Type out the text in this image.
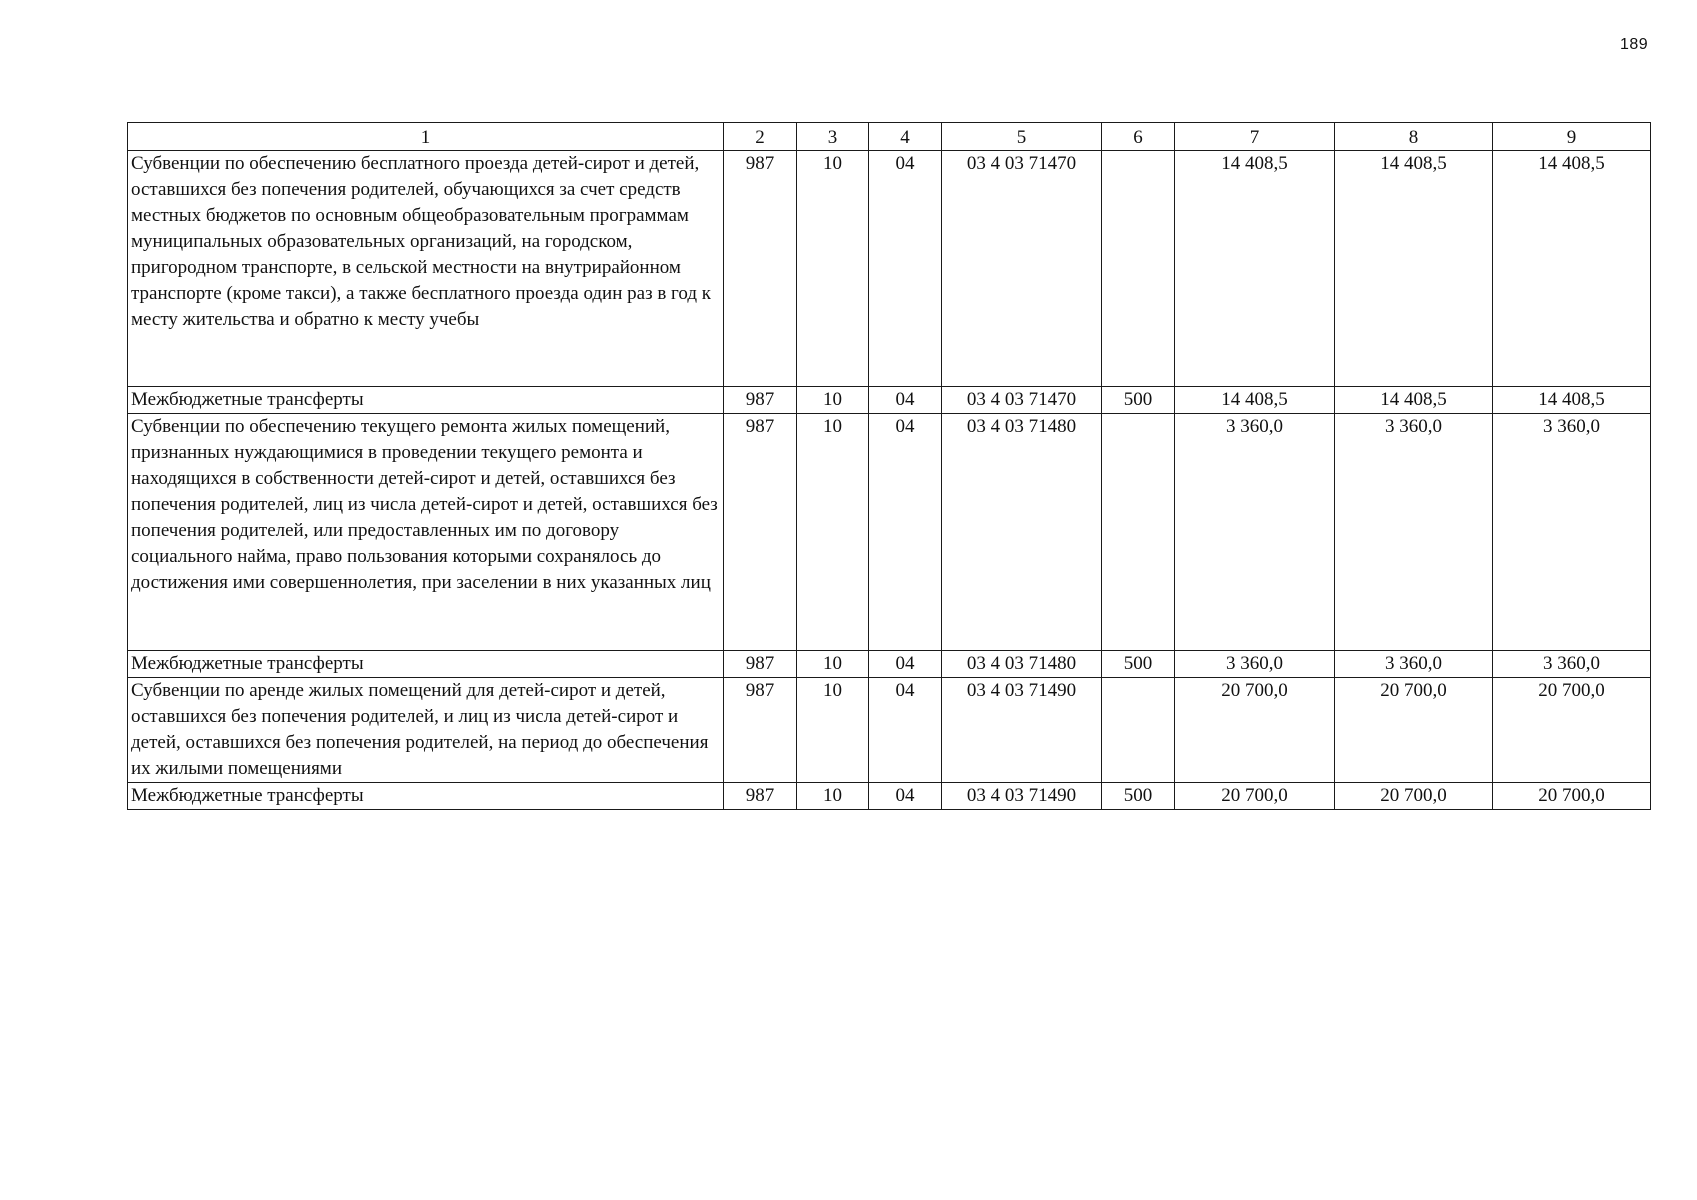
189
1	2	3	4	5	6	7	8	9
Субвенции по обеспечению бесплатного проезда детей-сирот и детей, оставшихся без попечения родителей, обучающихся за счет средств местных бюджетов по основным общеобразовательным программам муниципальных образовательных организаций, на городском, пригородном транспорте, в сельской местности на внутрирайонном транспорте (кроме такси), а также бесплатного проезда один раз в год к месту жительства и обратно к месту учебы	987	10	04	03 4 03 71470		14 408,5	14 408,5	14 408,5
Межбюджетные трансферты	987	10	04	03 4 03 71470	500	14 408,5	14 408,5	14 408,5
Субвенции по обеспечению текущего ремонта жилых помещений, признанных нуждающимися в проведении текущего ремонта и находящихся в собственности детей-сирот и детей, оставшихся без попечения родителей, лиц из числа детей-сирот и детей, оставшихся без попечения родителей, или предоставленных им по договору социального найма, право пользования которыми сохранялось до достижения ими совершеннолетия, при заселении в них указанных лиц	987	10	04	03 4 03 71480		3 360,0	3 360,0	3 360,0
Межбюджетные трансферты	987	10	04	03 4 03 71480	500	3 360,0	3 360,0	3 360,0
Субвенции по аренде жилых помещений для детей-сирот и детей, оставшихся без попечения родителей, и лиц из числа детей-сирот и детей, оставшихся без попечения родителей, на период до обеспечения их жилыми помещениями	987	10	04	03 4 03 71490		20 700,0	20 700,0	20 700,0
Межбюджетные трансферты	987	10	04	03 4 03 71490	500	20 700,0	20 700,0	20 700,0
